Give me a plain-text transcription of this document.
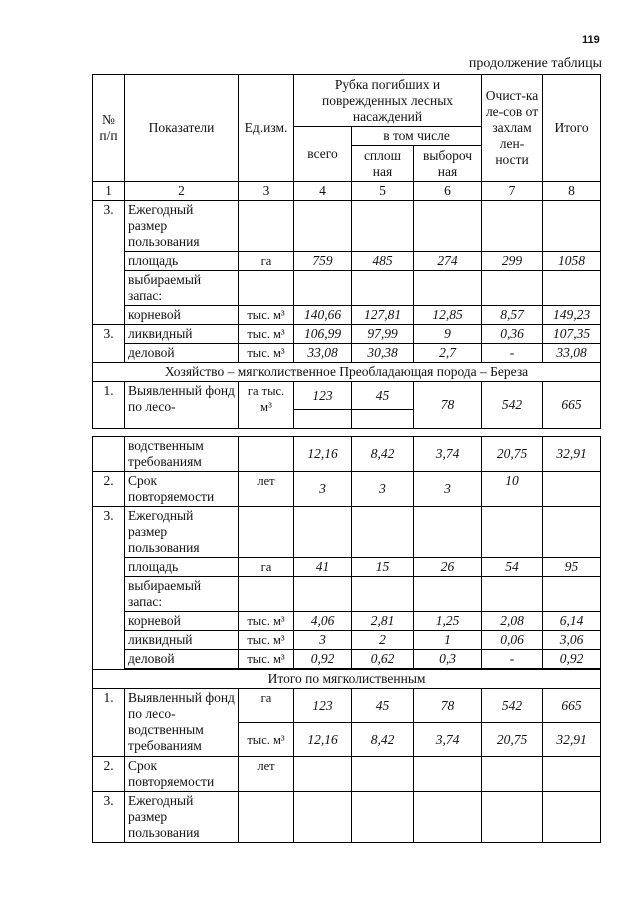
119
продолжение таблицы
№ п/п	Показатели	Ед.изм.	Рубка погибших и поврежденных лесных насаждений			Очист-ка ле-сов от захлам лен-ности	Итого
			всего	в том числе			
				сплош ная	выбороч ная		
1	2	3	4	5	6	7	8
3.	Ежегодный размер пользования						
	площадь	га	759	485	274	299	1058
	выбираемый запас:						
	корневой	тыс. м³	140,66	127,81	12,85	8,57	149,23
3.	ликвидный	тыс. м³	106,99	97,99	9	0,36	107,35
	деловой	тыс. м³	33,08	30,38	2,7	-	33,08
Хозяйство – мягколиственное Преобладающая порода – Береза							
1.	Выявленный фонд по лесо-	га тыс. м³	123	45	78	542	665

	водственным требованиям		12,16	8,42	3,74	20,75	32,91
2.	Срок повторяемости	лет	3	3	3	10	
3.	Ежегодный размер пользования						
	площадь	га	41	15	26	54	95
	выбираемый запас:						
	корневой	тыс. м³	4,06	2,81	1,25	2,08	6,14
	ликвидный	тыс. м³	3	2	1	0,06	3,06
	деловой	тыс. м³	0,92	0,62	0,3	-	0,92

Итого по мягколиственным							
1.	Выявленный фонд по лесо-водственным требованиям	га	123	45	78	542	665
		тыс. м³	12,16	8,42	3,74	20,75	32,91
2.	Срок повторяемости	лет					
3.	Ежегодный размер пользования						
